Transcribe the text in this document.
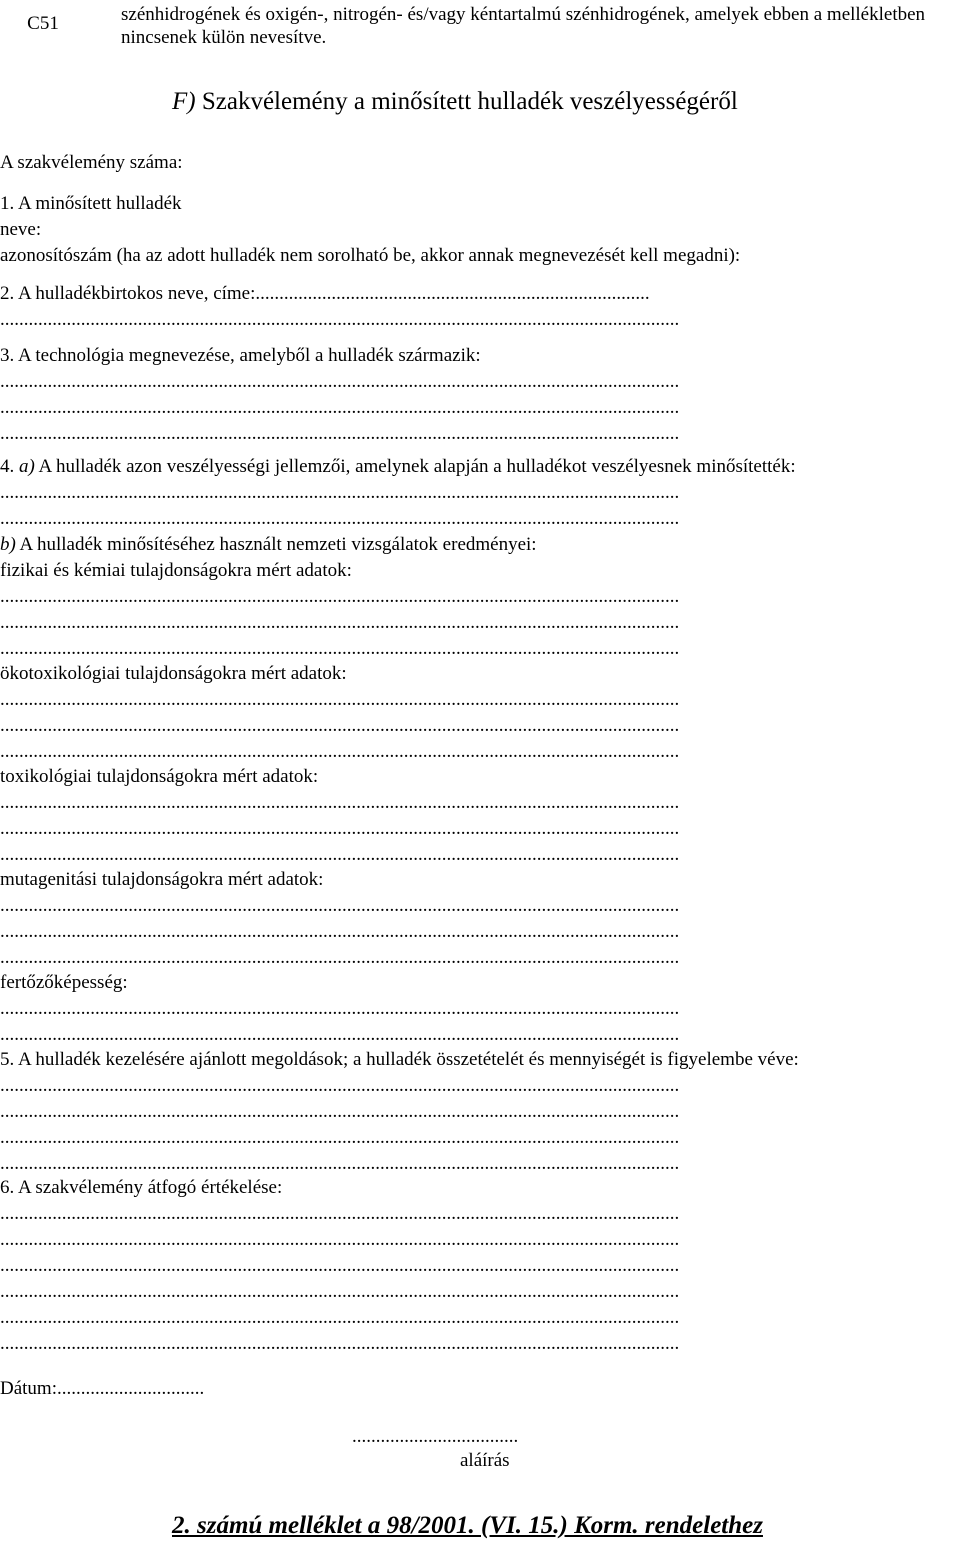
C51	szénhidrogének és oxigén-, nitrogén- és/vagy kéntartalmú szénhidrogének, amelyek ebben a mellékletben nincsenek külön nevesítve.
F) Szakvélemény a minősített hulladék veszélyességéről
A szakvélemény száma:
1. A minősített hulladék
neve:
azonosítószám (ha az adott hulladék nem sorolható be, akkor annak megnevezését kell megadni):
2. A hulladékbirtokos neve, címe:...................................................................................
...............................................................................................................................................
3. A technológia megnevezése, amelyből a hulladék származik:
...............................................................................................................................................
...............................................................................................................................................
...............................................................................................................................................
4. a) A hulladék azon veszélyességi jellemzői, amelynek alapján a hulladékot veszélyesnek minősítették:
...............................................................................................................................................
...............................................................................................................................................
b) A hulladék minősítéséhez használt nemzeti vizsgálatok eredményei:
fizikai és kémiai tulajdonságokra mért adatok:
...............................................................................................................................................
...............................................................................................................................................
...............................................................................................................................................
ökotoxikológiai tulajdonságokra mért adatok:
...............................................................................................................................................
...............................................................................................................................................
...............................................................................................................................................
toxikológiai tulajdonságokra mért adatok:
...............................................................................................................................................
...............................................................................................................................................
...............................................................................................................................................
mutagenitási tulajdonságokra mért adatok:
...............................................................................................................................................
...............................................................................................................................................
...............................................................................................................................................
fertőzőképesség:
...............................................................................................................................................
...............................................................................................................................................
5. A hulladék kezelésére ajánlott megoldások; a hulladék összetételét és mennyiségét is figyelembe véve:
...............................................................................................................................................
...............................................................................................................................................
...............................................................................................................................................
...............................................................................................................................................
6. A szakvélemény átfogó értékelése:
...............................................................................................................................................
...............................................................................................................................................
...............................................................................................................................................
...............................................................................................................................................
...............................................................................................................................................
...............................................................................................................................................
Dátum:...............................
...................................
aláírás
2. számú melléklet a 98/2001. (VI. 15.) Korm. rendelethez
